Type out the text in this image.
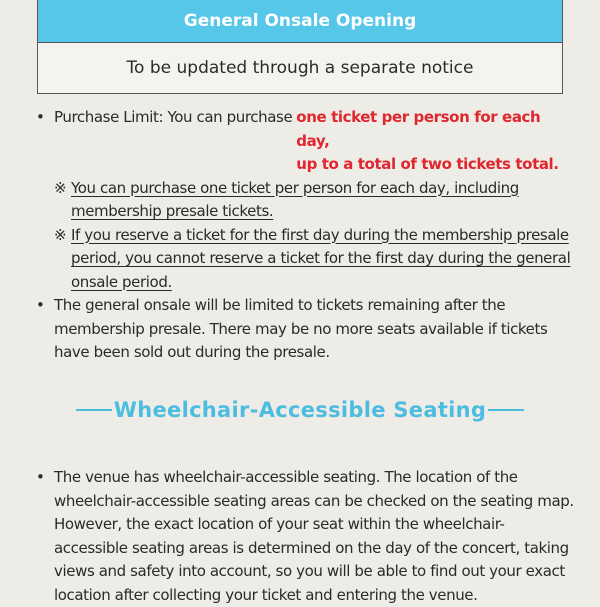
General Onsale Opening
To be updated through a separate notice
• Purchase Limit: You can purchase one ticket per person for each day,
up to a total of two tickets total.
※ You can purchase one ticket per person for each day, including membership presale tickets.
※ If you reserve a ticket for the first day during the membership presale period, you cannot reserve a ticket for the first day during the general onsale period.
• The general onsale will be limited to tickets remaining after the membership presale. There may be no more seats available if tickets have been sold out during the presale.
Wheelchair-Accessible Seating
• The venue has wheelchair-accessible seating. The location of the wheelchair-accessible seating areas can be checked on the seating map. However, the exact location of your seat within the wheelchair-accessible seating areas is determined on the day of the concert, taking views and safety into account, so you will be able to find out your exact location after collecting your ticket and entering the venue.
